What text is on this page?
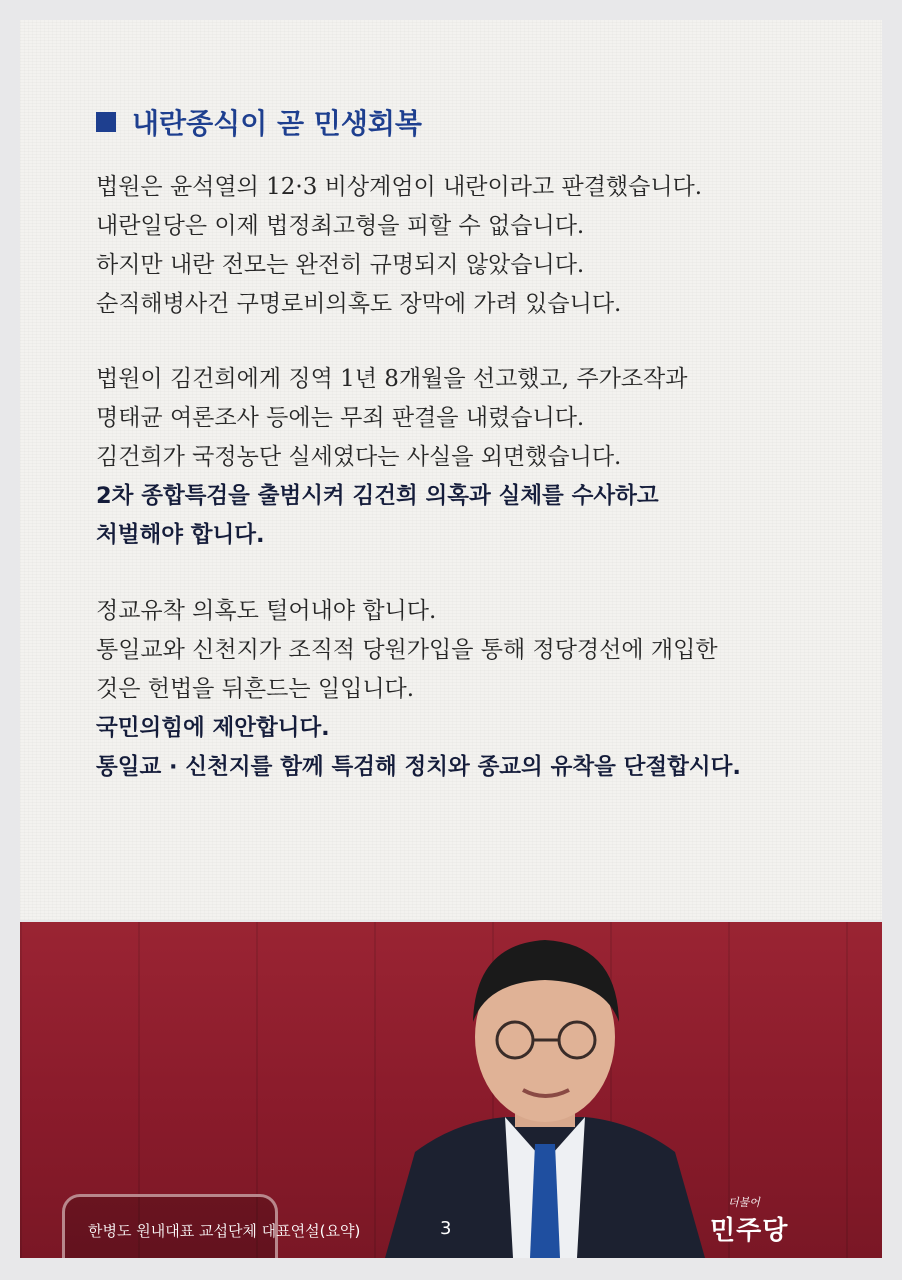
내란종식이 곧 민생회복
법원은 윤석열의 12·3 비상계엄이 내란이라고 판결했습니다.
내란일당은 이제 법정최고형을 피할 수 없습니다.
하지만 내란 전모는 완전히 규명되지 않았습니다.
순직해병사건 구명로비의혹도 장막에 가려 있습니다.
법원이 김건희에게 징역 1년 8개월을 선고했고, 주가조작과
명태균 여론조사 등에는 무죄 판결을 내렸습니다.
김건희가 국정농단 실세였다는 사실을 외면했습니다.
2차 종합특검을 출범시켜 김건희 의혹과 실체를 수사하고
처벌해야 합니다.
정교유착 의혹도 털어내야 합니다.
통일교와 신천지가 조직적 당원가입을 통해 정당경선에 개입한
것은 헌법을 뒤흔드는 일입니다.
국민의힘에 제안합니다.
통일교 · 신천지를 함께 특검해 정치와 종교의 유착을 단절합시다.
한병도 원내대표 교섭단체 대표연설(요약)	3
더불어
민주당
